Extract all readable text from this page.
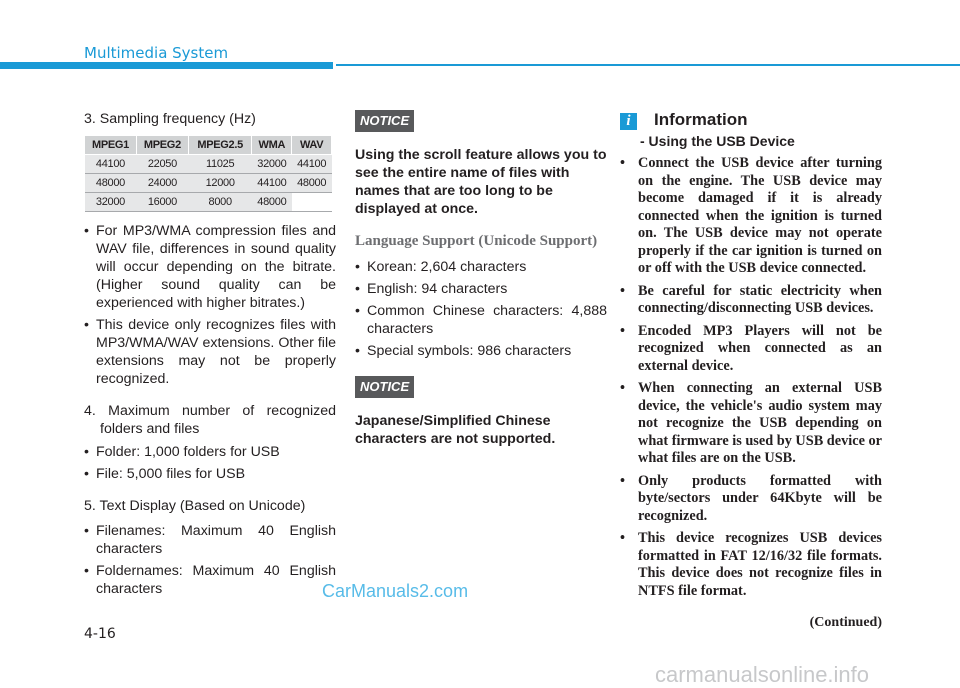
Multimedia System

3. Sampling frequency (Hz)

MPEG1	MPEG2	MPEG2.5	WMA	WAV
44100	22050	11025	32000	44100
48000	24000	12000	44100	48000
32000	16000	8000	48000	

• For MP3/WMA compression files and WAV file, differences in sound quality will occur depending on the bitrate. (Higher sound quality can be experienced with higher bitrates.)

• This device only recognizes files with MP3/WMA/WAV extensions. Other file extensions may not be properly recognized.

4. Maximum number of recognized folders and files

• Folder: 1,000 folders for USB

• File: 5,000 files for USB

5. Text Display (Based on Unicode)

• Filenames: Maximum 40 English characters

• Foldernames: Maximum 40 English characters

NOTICE

Using the scroll feature allows you to see the entire name of files with names that are too long to be displayed at once.

Language Support (Unicode Support)

• Korean: 2,604 characters

• English: 94 characters

• Common Chinese characters: 4,888 characters

• Special symbols: 986 characters

NOTICE

Japanese/Simplified Chinese characters are not supported.

i	Information

- Using the USB Device

• Connect the USB device after turning on the engine. The USB device may become damaged if it is already connected when the ignition is turned on. The USB device may not operate properly if the car ignition is turned on or off with the USB device connected.

• Be careful for static electricity when connecting/disconnecting USB devices.

• Encoded MP3 Players will not be recognized when connected as an external device.

• When connecting an external USB device, the vehicle's audio system may not recognize the USB depending on what firmware is used by USB device or what files are on the USB.

• Only products formatted with byte/sectors under 64Kbyte will be recognized.

• This device recognizes USB devices formatted in FAT 12/16/32 file formats. This device does not recognize files in NTFS file format.

(Continued)

4-16
CarManuals2.com
carmanualsonline.info
